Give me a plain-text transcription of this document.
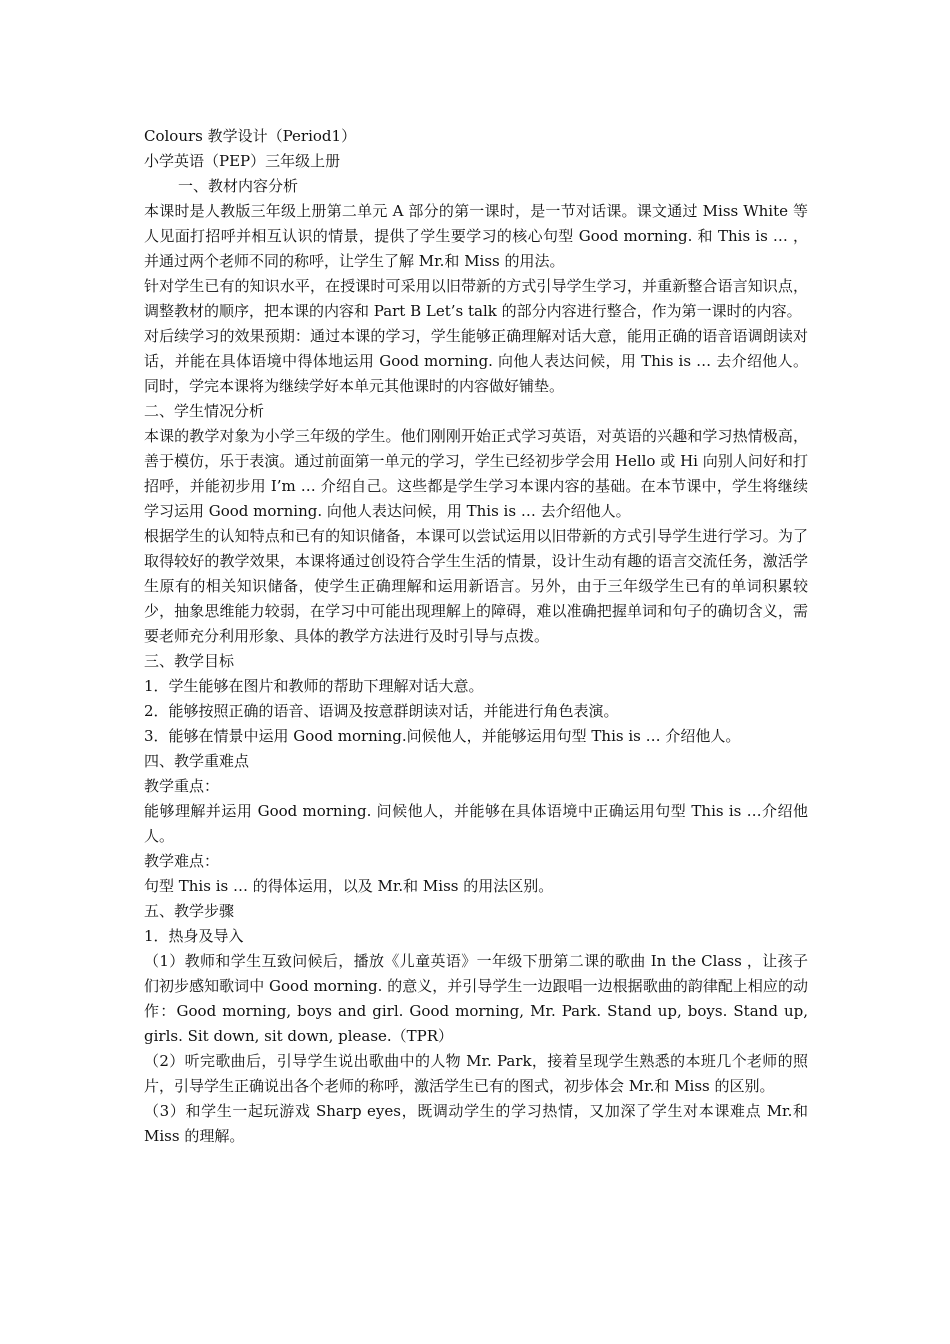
Colours 教学设计（Period1）

小学英语（PEP）三年级上册

一、教材内容分析

本课时是人教版三年级上册第二单元 A 部分的第一课时，是一节对话课。课文通过 Miss White 等人见面打招呼并相互认识的情景，提供了学生要学习的核心句型 Good morning. 和 This is … ，并通过两个老师不同的称呼，让学生了解 Mr.和 Miss 的用法。

针对学生已有的知识水平，在授课时可采用以旧带新的方式引导学生学习，并重新整合语言知识点，调整教材的顺序，把本课的内容和 Part B Let’s talk 的部分内容进行整合，作为第一课时的内容。

对后续学习的效果预期：通过本课的学习，学生能够正确理解对话大意，能用正确的语音语调朗读对话，并能在具体语境中得体地运用 Good morning. 向他人表达问候，用 This is … 去介绍他人。同时，学完本课将为继续学好本单元其他课时的内容做好铺垫。

二、学生情况分析

本课的教学对象为小学三年级的学生。他们刚刚开始正式学习英语，对英语的兴趣和学习热情极高，善于模仿，乐于表演。通过前面第一单元的学习，学生已经初步学会用 Hello 或 Hi 向别人问好和打招呼，并能初步用 I’m … 介绍自己。这些都是学生学习本课内容的基础。在本节课中，学生将继续学习运用 Good morning. 向他人表达问候，用 This is … 去介绍他人。

根据学生的认知特点和已有的知识储备，本课可以尝试运用以旧带新的方式引导学生进行学习。为了取得较好的教学效果，本课将通过创设符合学生生活的情景，设计生动有趣的语言交流任务，激活学生原有的相关知识储备，使学生正确理解和运用新语言。另外，由于三年级学生已有的单词积累较少，抽象思维能力较弱，在学习中可能出现理解上的障碍，难以准确把握单词和句子的确切含义，需要老师充分利用形象、具体的教学方法进行及时引导与点拨。

三、教学目标

1．学生能够在图片和教师的帮助下理解对话大意。

2．能够按照正确的语音、语调及按意群朗读对话，并能进行角色表演。

3．能够在情景中运用 Good morning.问候他人，并能够运用句型 This is … 介绍他人。

四、教学重难点

教学重点：

能够理解并运用 Good morning. 问候他人，并能够在具体语境中正确运用句型 This is …介绍他人。

教学难点：

句型 This is … 的得体运用，以及 Mr.和 Miss 的用法区别。

五、教学步骤

1．热身及导入

（1）教师和学生互致问候后，播放《儿童英语》一年级下册第二课的歌曲 In the Class ，让孩子们初步感知歌词中 Good morning. 的意义，并引导学生一边跟唱一边根据歌曲的韵律配上相应的动作：Good morning, boys and girl. Good morning, Mr. Park. Stand up, boys. Stand up, girls. Sit down, sit down, please.（TPR）

（2）听完歌曲后，引导学生说出歌曲中的人物 Mr. Park，接着呈现学生熟悉的本班几个老师的照片，引导学生正确说出各个老师的称呼，激活学生已有的图式，初步体会 Mr.和 Miss 的区别。

（3）和学生一起玩游戏 Sharp eyes，既调动学生的学习热情，又加深了学生对本课难点 Mr.和 Miss 的理解。
